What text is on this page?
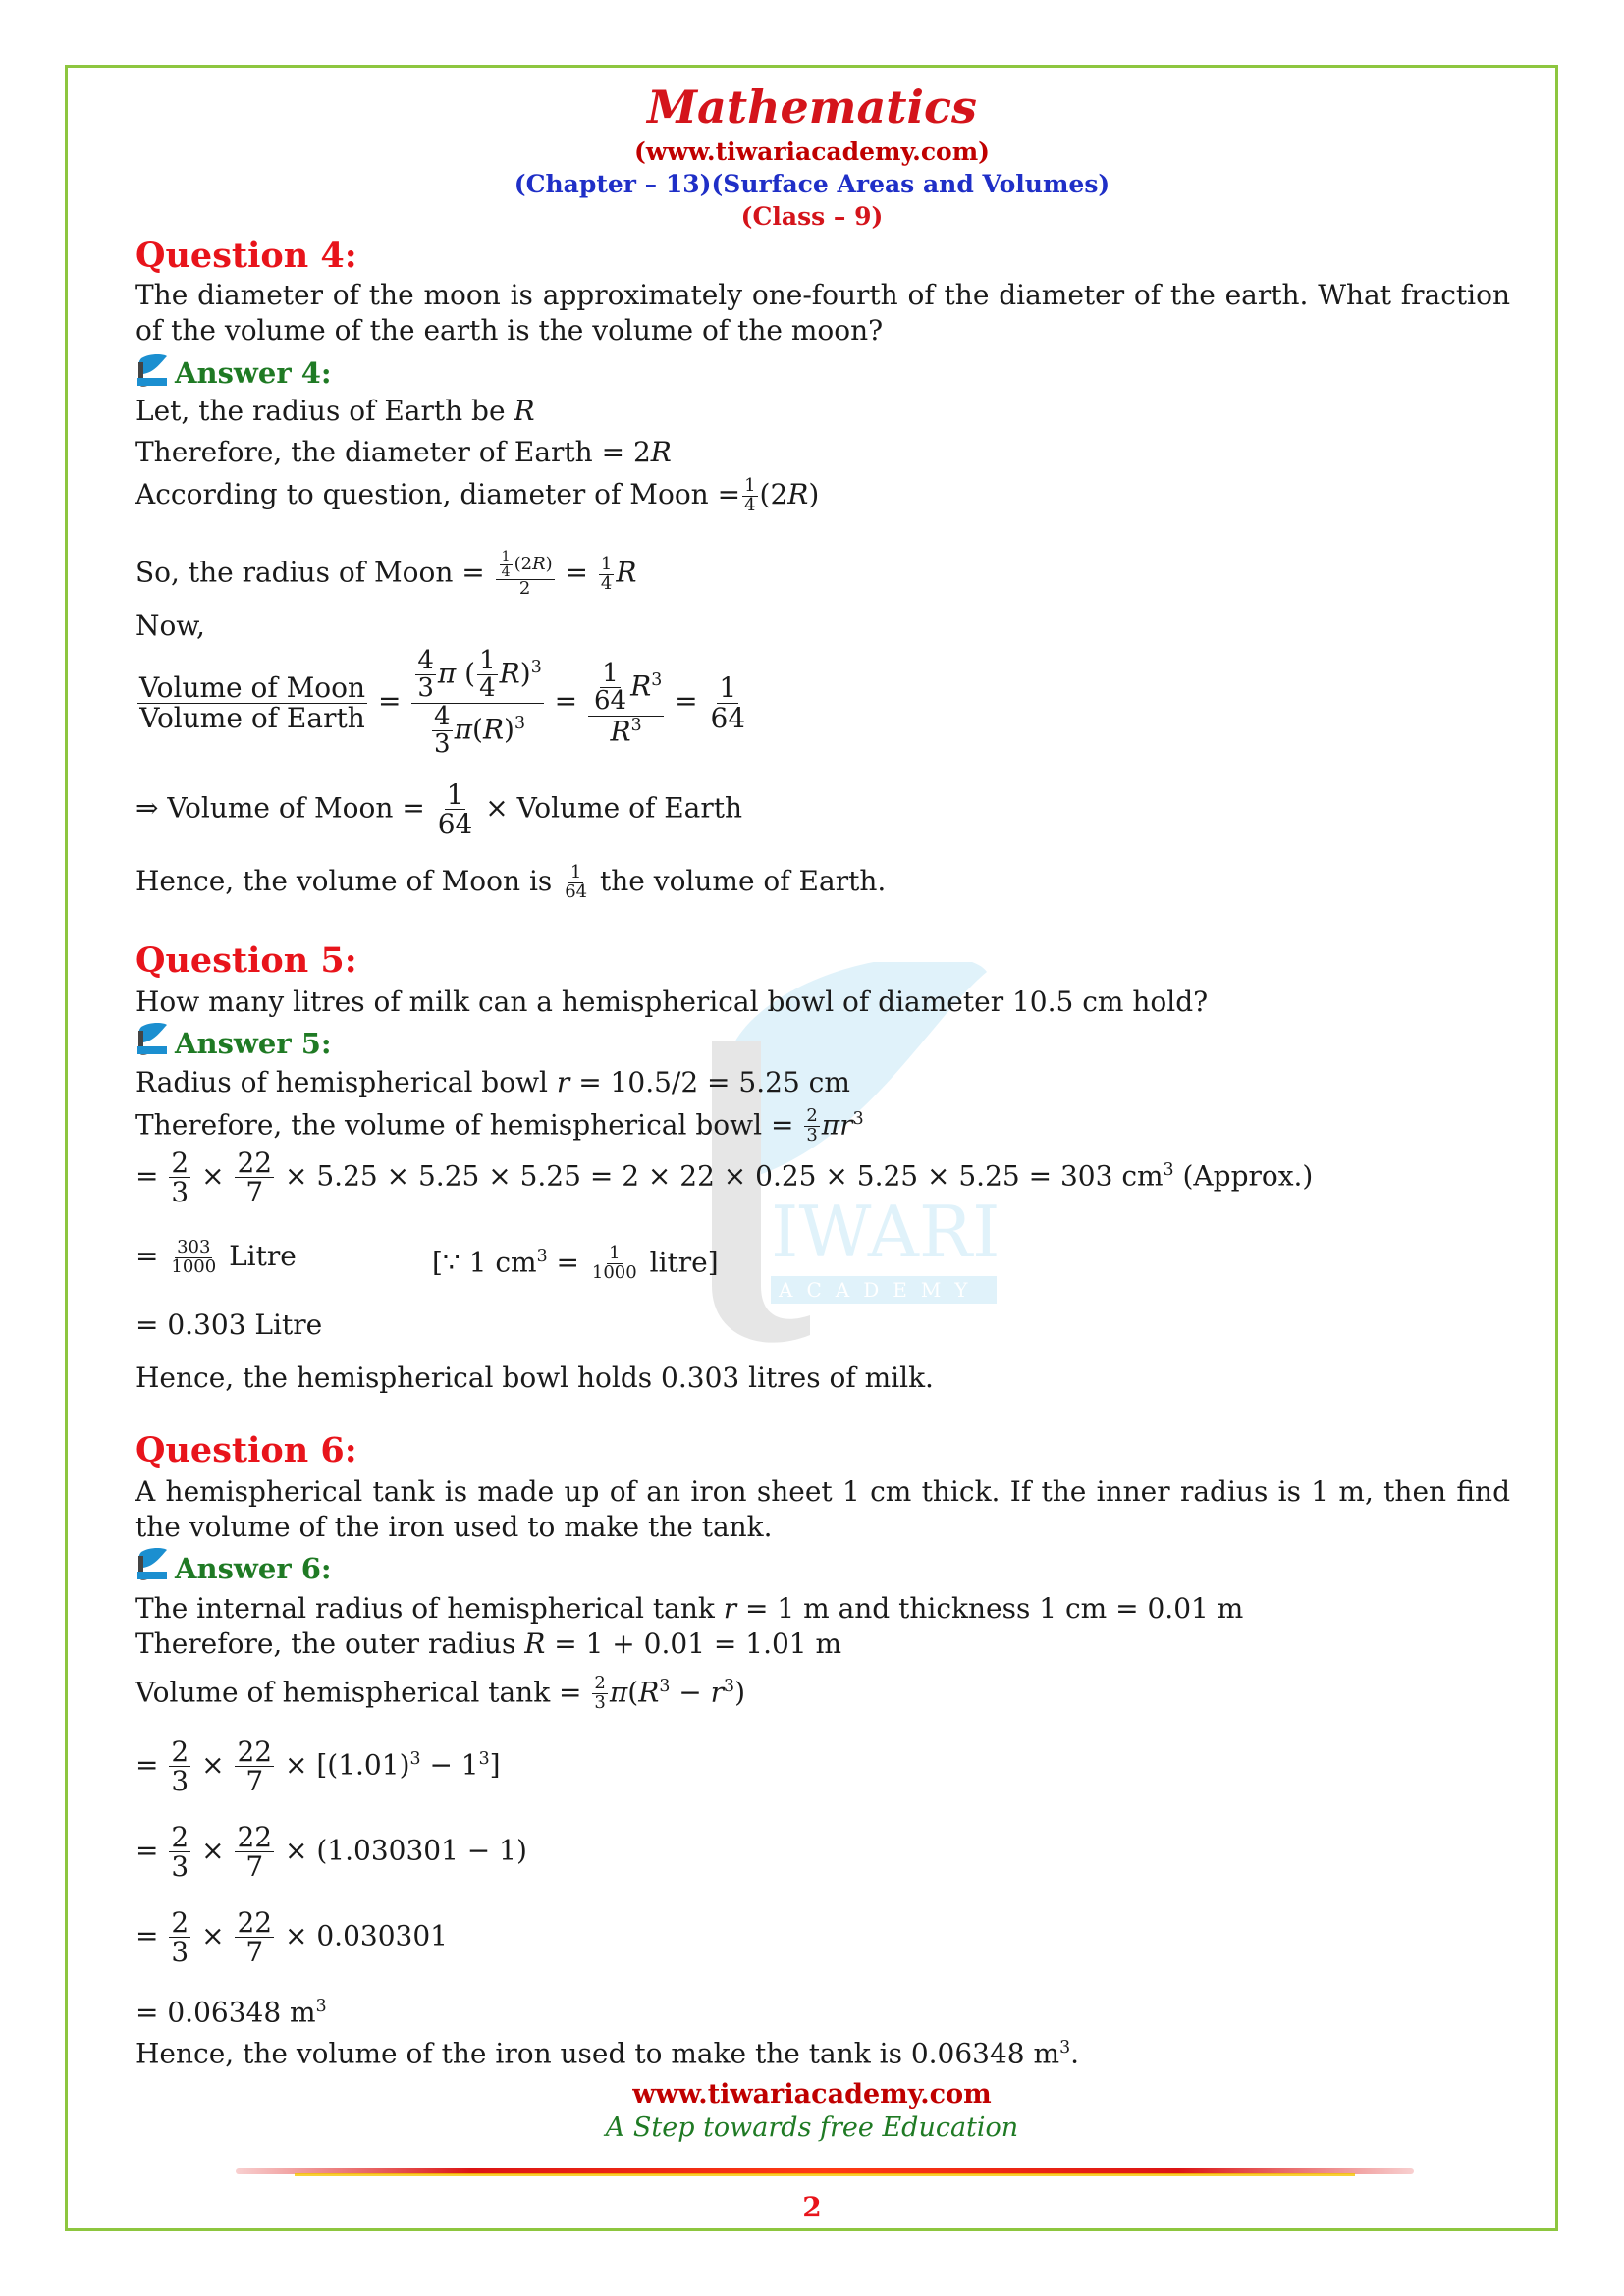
Mathematics
(www.tiwariacademy.com)
(Chapter – 13)(Surface Areas and Volumes)
(Class – 9)
IWARI
ACADEMY
Question 4:
The diameter of the moon is approximately one-fourth of the diameter of the earth. What fraction of the volume of the earth is the volume of the moon?
Answer 4:
Let, the radius of Earth be R
Therefore, the diameter of Earth = 2R
According to question, diameter of Moon = $\frac{1}{4} (2R)$
So, the radius of Moon = $\frac{\frac{1}{4} (2R)}{2} = \frac{1}{4}$ R
Now,
$\frac{\text{Volume of Moon}}{\text{Volume of Earth}} = \frac{\frac{4}{3} \pi ( \frac{1}{4} R)^3}{\frac{4}{3} \pi(R)^3} = \frac{\frac{1}{64} R^3}{R^3} = \frac{1}{64}$
⇒ Volume of Moon = $\frac{1}{64}$ × Volume of Earth
Hence, the volume of Moon is $\frac{1}{64}$ the volume of Earth.
Question 5:
How many litres of milk can a hemispherical bowl of diameter 10.5 cm hold?
Answer 5:
Radius of hemispherical bowl r = 10.5/2 = 5.25 cm
Therefore, the volume of hemispherical bowl = $\frac{2}{3} \pi r^3$
= $\frac{2}{3} \times \frac{22}{7} \times 5.25 \times 5.25 \times 5.25 = 2 \times 22 \times 0.25 \times 5.25 \times 5.25 = 303$ $cm^3$ (Approx.)
= $\frac{303}{1000}$ Litre	[∵ 1 $cm^3 = \frac{1}{1000}$ litre]
= 0.303 Litre
Hence, the hemispherical bowl holds 0.303 litres of milk.
Question 6:
A hemispherical tank is made up of an iron sheet 1 cm thick. If the inner radius is 1 m, then find the volume of the iron used to make the tank.
Answer 6:
The internal radius of hemispherical tank r = 1 m and thickness 1 cm = 0.01 m
Therefore, the outer radius R = 1 + 0.01 = 1.01 m
Volume of hemispherical $\tan k = \frac{2}{3} \pi(R^3 - r^3)$
= $\frac{2}{3} \times \frac{22}{7} \times [(1.01)^3 - 1^3]$
= $\frac{2}{3} \times \frac{22}{7} \times (1.030301 - 1)$
= $\frac{2}{3} \times \frac{22}{7} \times 0.030301$
= 0.06348 $m^3$
Hence, the volume of the iron used to make the tank is 0.06348 $m^3$.
www.tiwariacademy.com
A Step towards free Education
2
